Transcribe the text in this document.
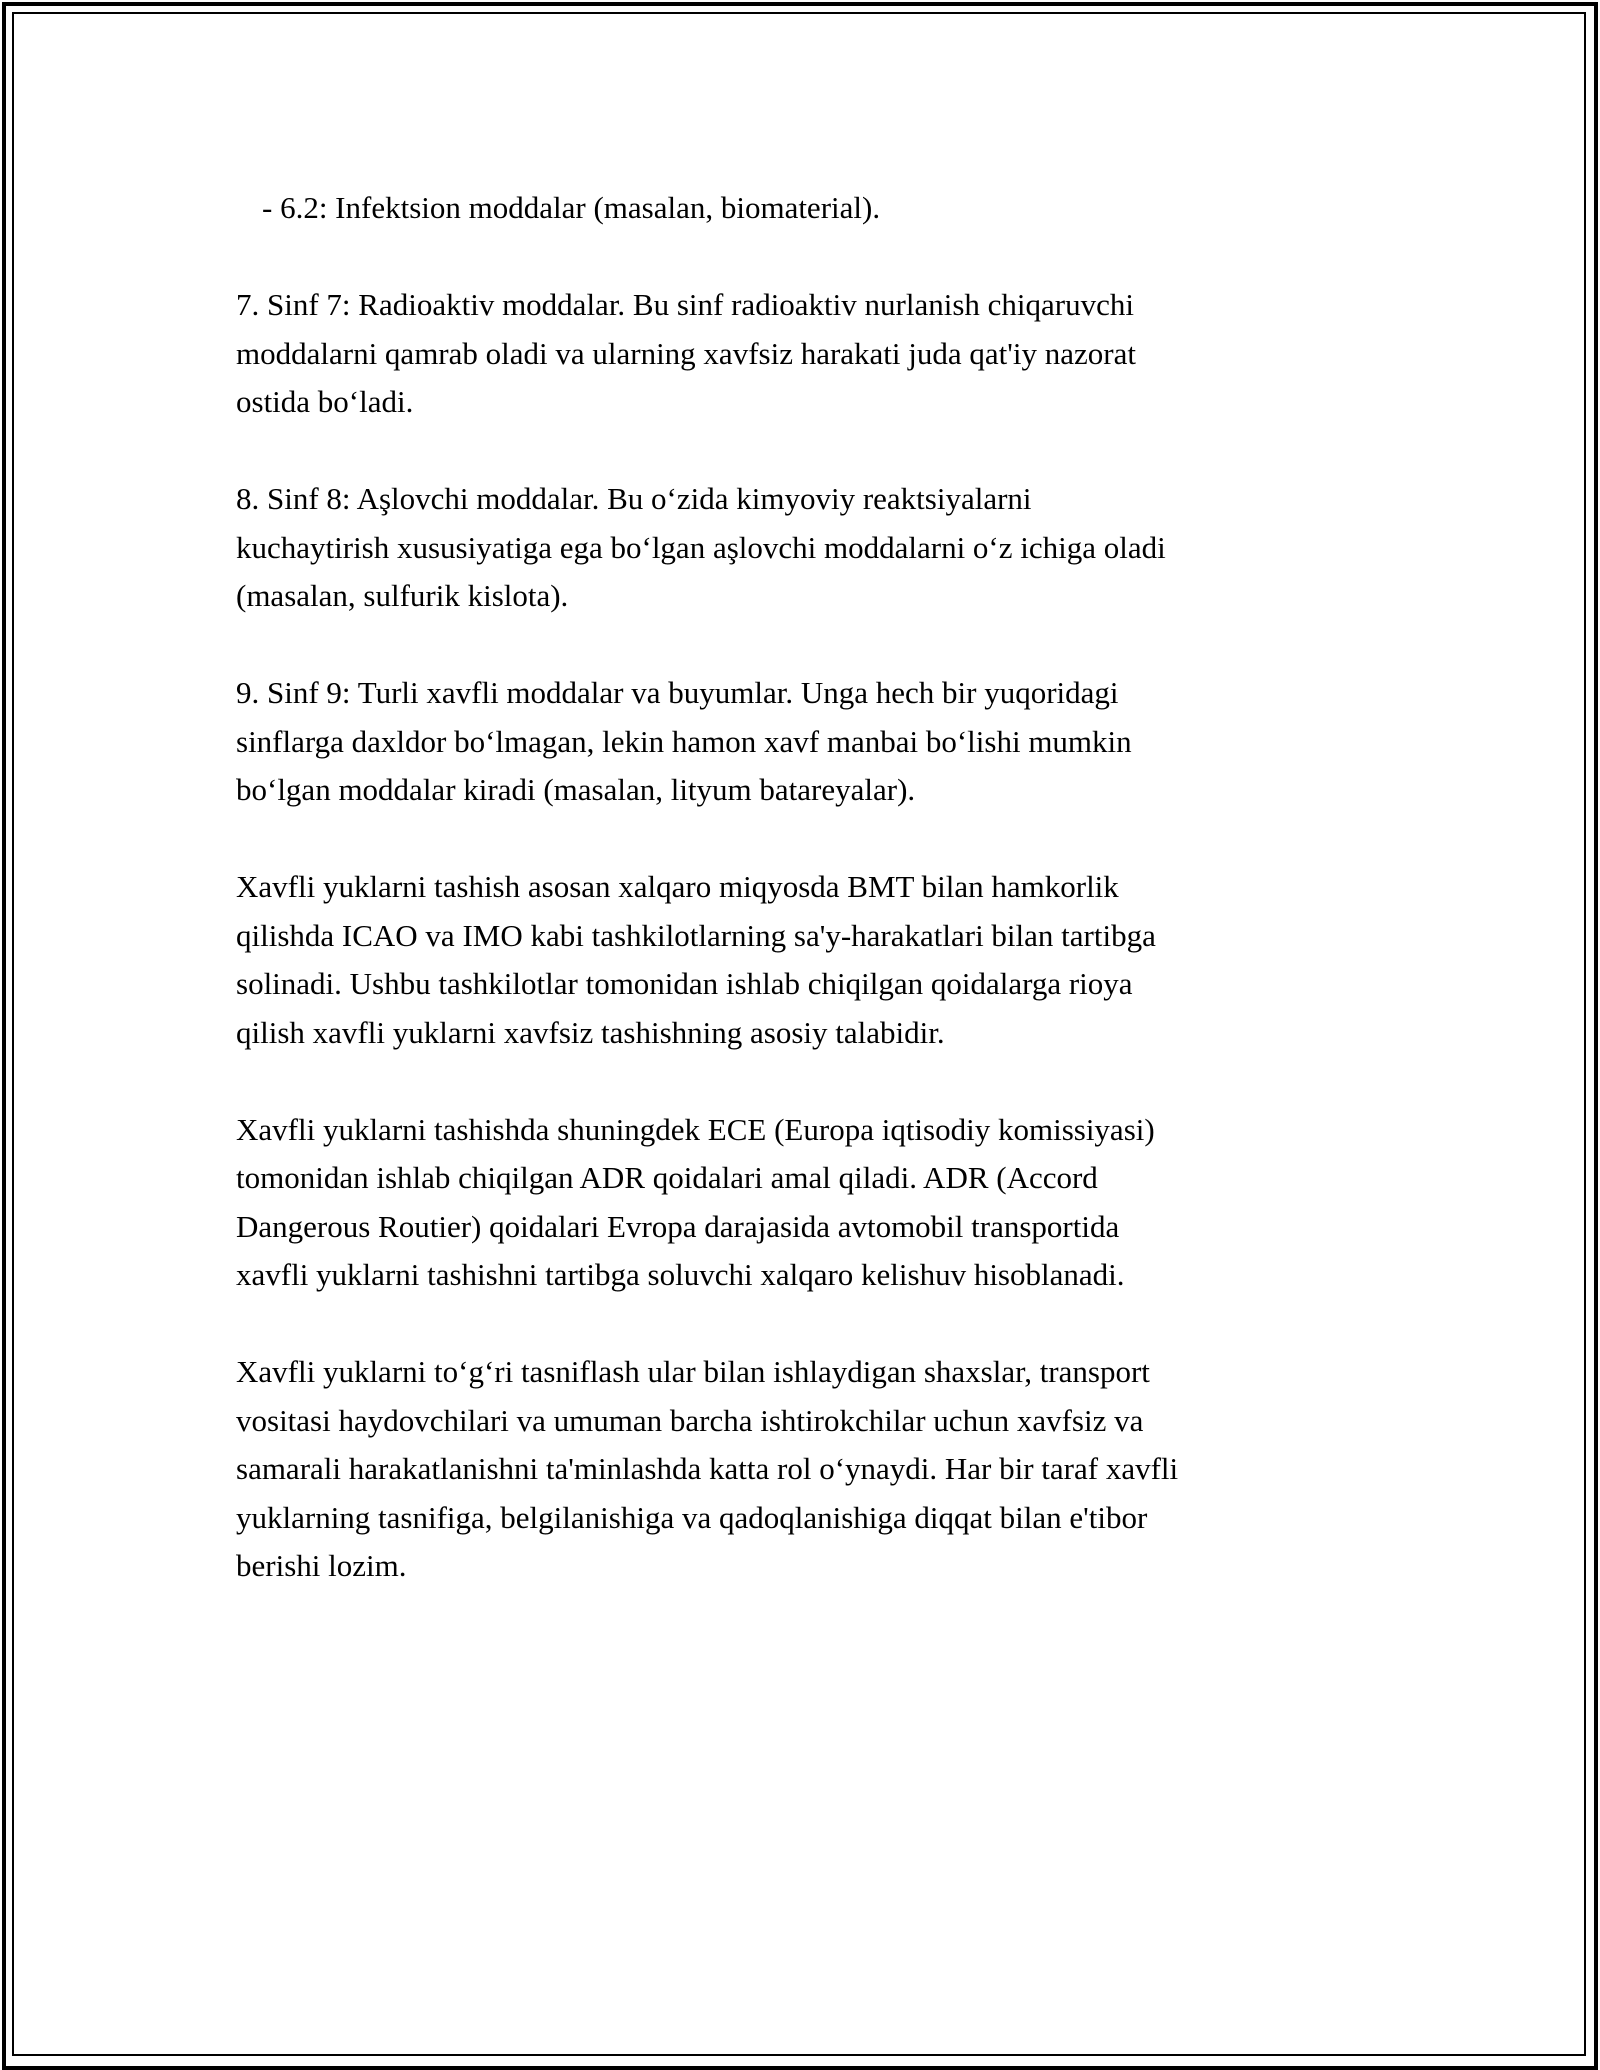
- 6.2: Infektsion moddalar (masalan, biomaterial).

7. Sinf 7: Radioaktiv moddalar. Bu sinf radioaktiv nurlanish chiqaruvchi
moddalarni qamrab oladi va ularning xavfsiz harakati juda qat'iy nazorat
ostida bo‘ladi.

8. Sinf 8: Aşlovchi moddalar. Bu o‘zida kimyoviy reaktsiyalarni
kuchaytirish xususiyatiga ega bo‘lgan aşlovchi moddalarni o‘z ichiga oladi
(masalan, sulfurik kislota).

9. Sinf 9: Turli xavfli moddalar va buyumlar. Unga hech bir yuqoridagi
sinflarga daxldor bo‘lmagan, lekin hamon xavf manbai bo‘lishi mumkin
bo‘lgan moddalar kiradi (masalan, lityum batareyalar).

Xavfli yuklarni tashish asosan xalqaro miqyosda BMT bilan hamkorlik
qilishda ICAO va IMO kabi tashkilotlarning sa'y-harakatlari bilan tartibga
solinadi. Ushbu tashkilotlar tomonidan ishlab chiqilgan qoidalarga rioya
qilish xavfli yuklarni xavfsiz tashishning asosiy talabidir.

Xavfli yuklarni tashishda shuningdek ECE (Europa iqtisodiy komissiyasi)
tomonidan ishlab chiqilgan ADR qoidalari amal qiladi. ADR (Accord
Dangerous Routier) qoidalari Evropa darajasida avtomobil transportida
xavfli yuklarni tashishni tartibga soluvchi xalqaro kelishuv hisoblanadi.

Xavfli yuklarni to‘g‘ri tasniflash ular bilan ishlaydigan shaxslar, transport
vositasi haydovchilari va umuman barcha ishtirokchilar uchun xavfsiz va
samarali harakatlanishni ta'minlashda katta rol o‘ynaydi. Har bir taraf xavfli
yuklarning tasnifiga, belgilanishiga va qadoqlanishiga diqqat bilan e'tibor
berishi lozim.
